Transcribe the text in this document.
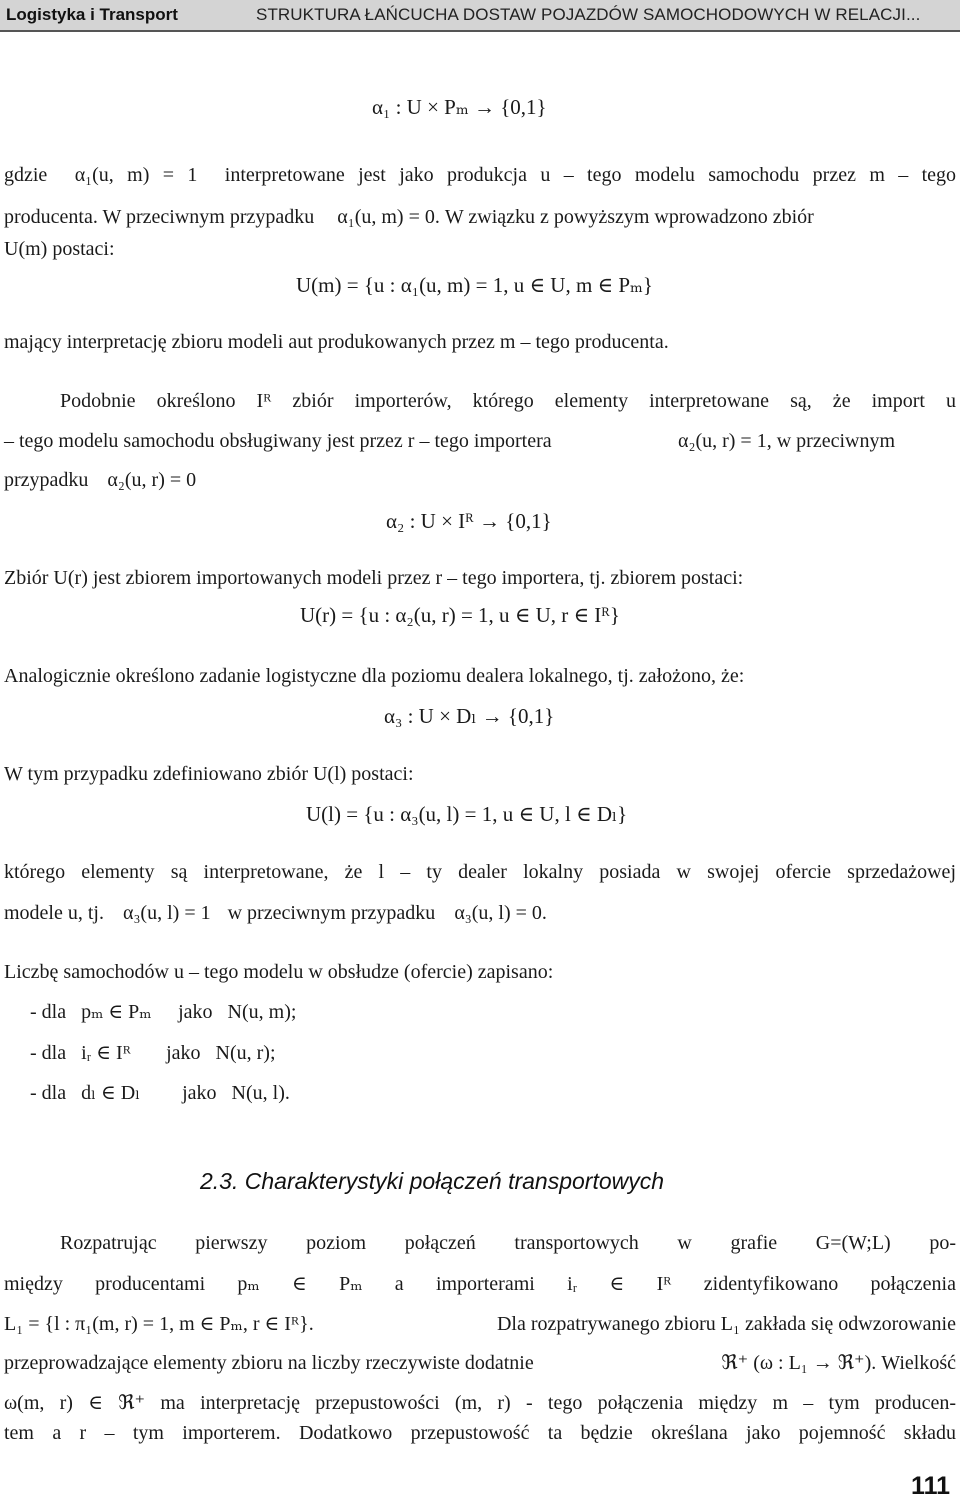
Logistyka i Transport	STRUKTURA ŁAŃCUCHA DOSTAW POJAZDÓW SAMOCHODOWYCH W RELACJI...
α₁ : U × Pₘ → {0,1}
gdzie α₁(u, m) = 1 interpretowane jest jako produkcja u – tego modelu samochodu przez m – tego
producenta. W przeciwnym przypadku α₁(u, m) = 0. W związku z powyższym wprowadzono zbiór
U(m) postaci:
U(m) = {u : α₁(u, m) = 1, u ∈ U, m ∈ Pₘ}
mający interpretację zbioru modeli aut produkowanych przez m – tego producenta.
Podobnie określono Iᴿ zbiór importerów, którego elementy interpretowane są, że import u
– tego modelu samochodu obsługiwany jest przez r – tego importera	α₂(u, r) = 1, w przeciwnym
przypadku α₂(u, r) = 0
α₂ : U × Iᴿ → {0,1}
Zbiór U(r) jest zbiorem importowanych modeli przez r – tego importera, tj. zbiorem postaci:
U(r) = {u : α₂(u, r) = 1, u ∈ U, r ∈ Iᴿ}
Analogicznie określono zadanie logistyczne dla poziomu dealera lokalnego, tj. założono, że:
α₃ : U × Dₗ → {0,1}
W tym przypadku zdefiniowano zbiór U(l) postaci:
U(l) = {u : α₃(u, l) = 1, u ∈ U, l ∈ Dₗ}
którego elementy są interpretowane, że l – ty dealer lokalny posiada w swojej ofercie sprzedażowej
modele u, tj. α₃(u, l) = 1 w przeciwnym przypadku α₃(u, l) = 0.
Liczbę samochodów u – tego modelu w obsłudze (ofercie) zapisano:
- dla pₘ ∈ Pₘ jako N(u, m);
- dla iᵣ ∈ Iᴿ jako N(u, r);
- dla dₗ ∈ Dₗ jako N(u, l).
2.3. Charakterystyki połączeń transportowych
Rozpatrując pierwszy poziom połączeń transportowych w grafie G=(W;L) po-
między producentami pₘ ∈ Pₘ a importerami iᵣ ∈ Iᴿ zidentyfikowano połączenia
L₁ = {l : π₁(m, r) = 1, m ∈ Pₘ, r ∈ Iᴿ}.	Dla rozpatrywanego zbioru L₁ zakłada się odwzorowanie
przeprowadzające elementy zbioru na liczby rzeczywiste dodatnie	ℜ⁺ (ω : L₁ → ℜ⁺). Wielkość
ω(m, r) ∈ ℜ⁺ ma interpretację przepustowości (m, r) - tego połączenia między m – tym producen-
tem a r – tym importerem. Dodatkowo przepustowość ta będzie określana jako pojemność składu
111
